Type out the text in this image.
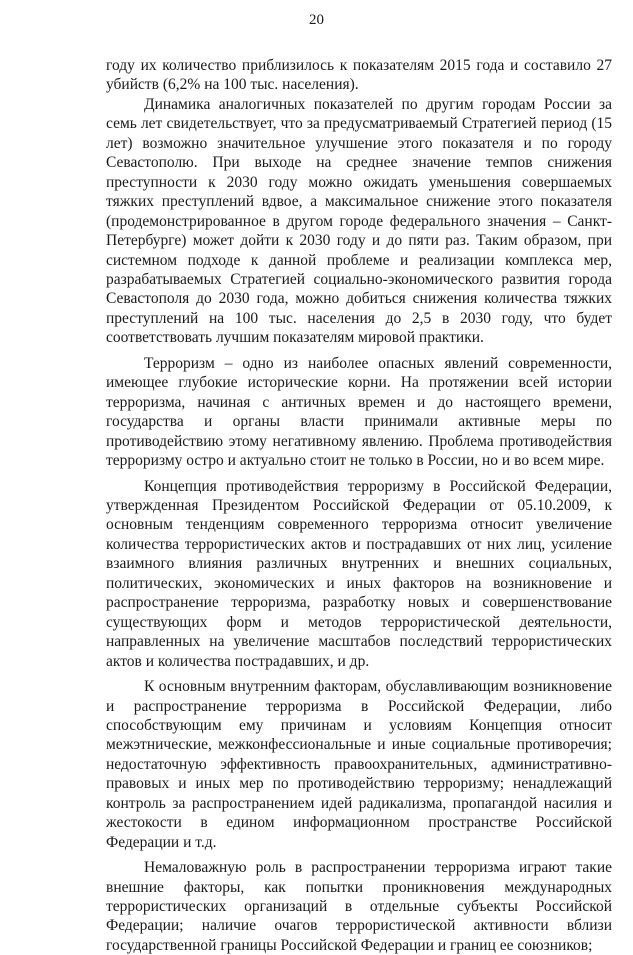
20

году их количество приблизилось к показателям 2015 года и составило 27 убийств (6,2% на 100 тыс. населения).

Динамика аналогичных показателей по другим городам России за семь лет свидетельствует, что за предусматриваемый Стратегией период (15 лет) возможно значительное улучшение этого показателя и по городу Севастополю. При выходе на среднее значение темпов снижения преступности к 2030 году можно ожидать уменьшения совершаемых тяжких преступлений вдвое, а максимальное снижение этого показателя (продемонстрированное в другом городе федерального значения – Санкт-Петербурге) может дойти к 2030 году и до пяти раз. Таким образом, при системном подходе к данной проблеме и реализации комплекса мер, разрабатываемых Стратегией социально-экономического развития города Севастополя до 2030 года, можно добиться снижения количества тяжких преступлений на 100 тыс. населения до 2,5 в 2030 году, что будет соответствовать лучшим показателям мировой практики.

Терроризм – одно из наиболее опасных явлений современности, имеющее глубокие исторические корни. На протяжении всей истории терроризма, начиная с античных времен и до настоящего времени, государства и органы власти принимали активные меры по противодействию этому негативному явлению. Проблема противодействия терроризму остро и актуально стоит не только в России, но и во всем мире.

Концепция противодействия терроризму в Российской Федерации, утвержденная Президентом Российской Федерации от 05.10.2009, к основным тенденциям современного терроризма относит увеличение количества террористических актов и пострадавших от них лиц, усиление взаимного влияния различных внутренних и внешних социальных, политических, экономических и иных факторов на возникновение и распространение терроризма, разработку новых и совершенствование существующих форм и методов террористической деятельности, направленных на увеличение масштабов последствий террористических актов и количества пострадавших, и др.

К основным внутренним факторам, обуславливающим возникновение и распространение терроризма в Российской Федерации, либо способствующим ему причинам и условиям Концепция относит межэтнические, межконфессиональные и иные социальные противоречия; недостаточную эффективность правоохранительных, административно-правовых и иных мер по противодействию терроризму; ненадлежащий контроль за распространением идей радикализма, пропагандой насилия и жестокости в едином информационном пространстве Российской Федерации и т.д.

Немаловажную роль в распространении терроризма играют такие внешние факторы, как попытки проникновения международных террористических организаций в отдельные субъекты Российской Федерации; наличие очагов террористической активности вблизи государственной границы Российской Федерации и границ ее союзников;
